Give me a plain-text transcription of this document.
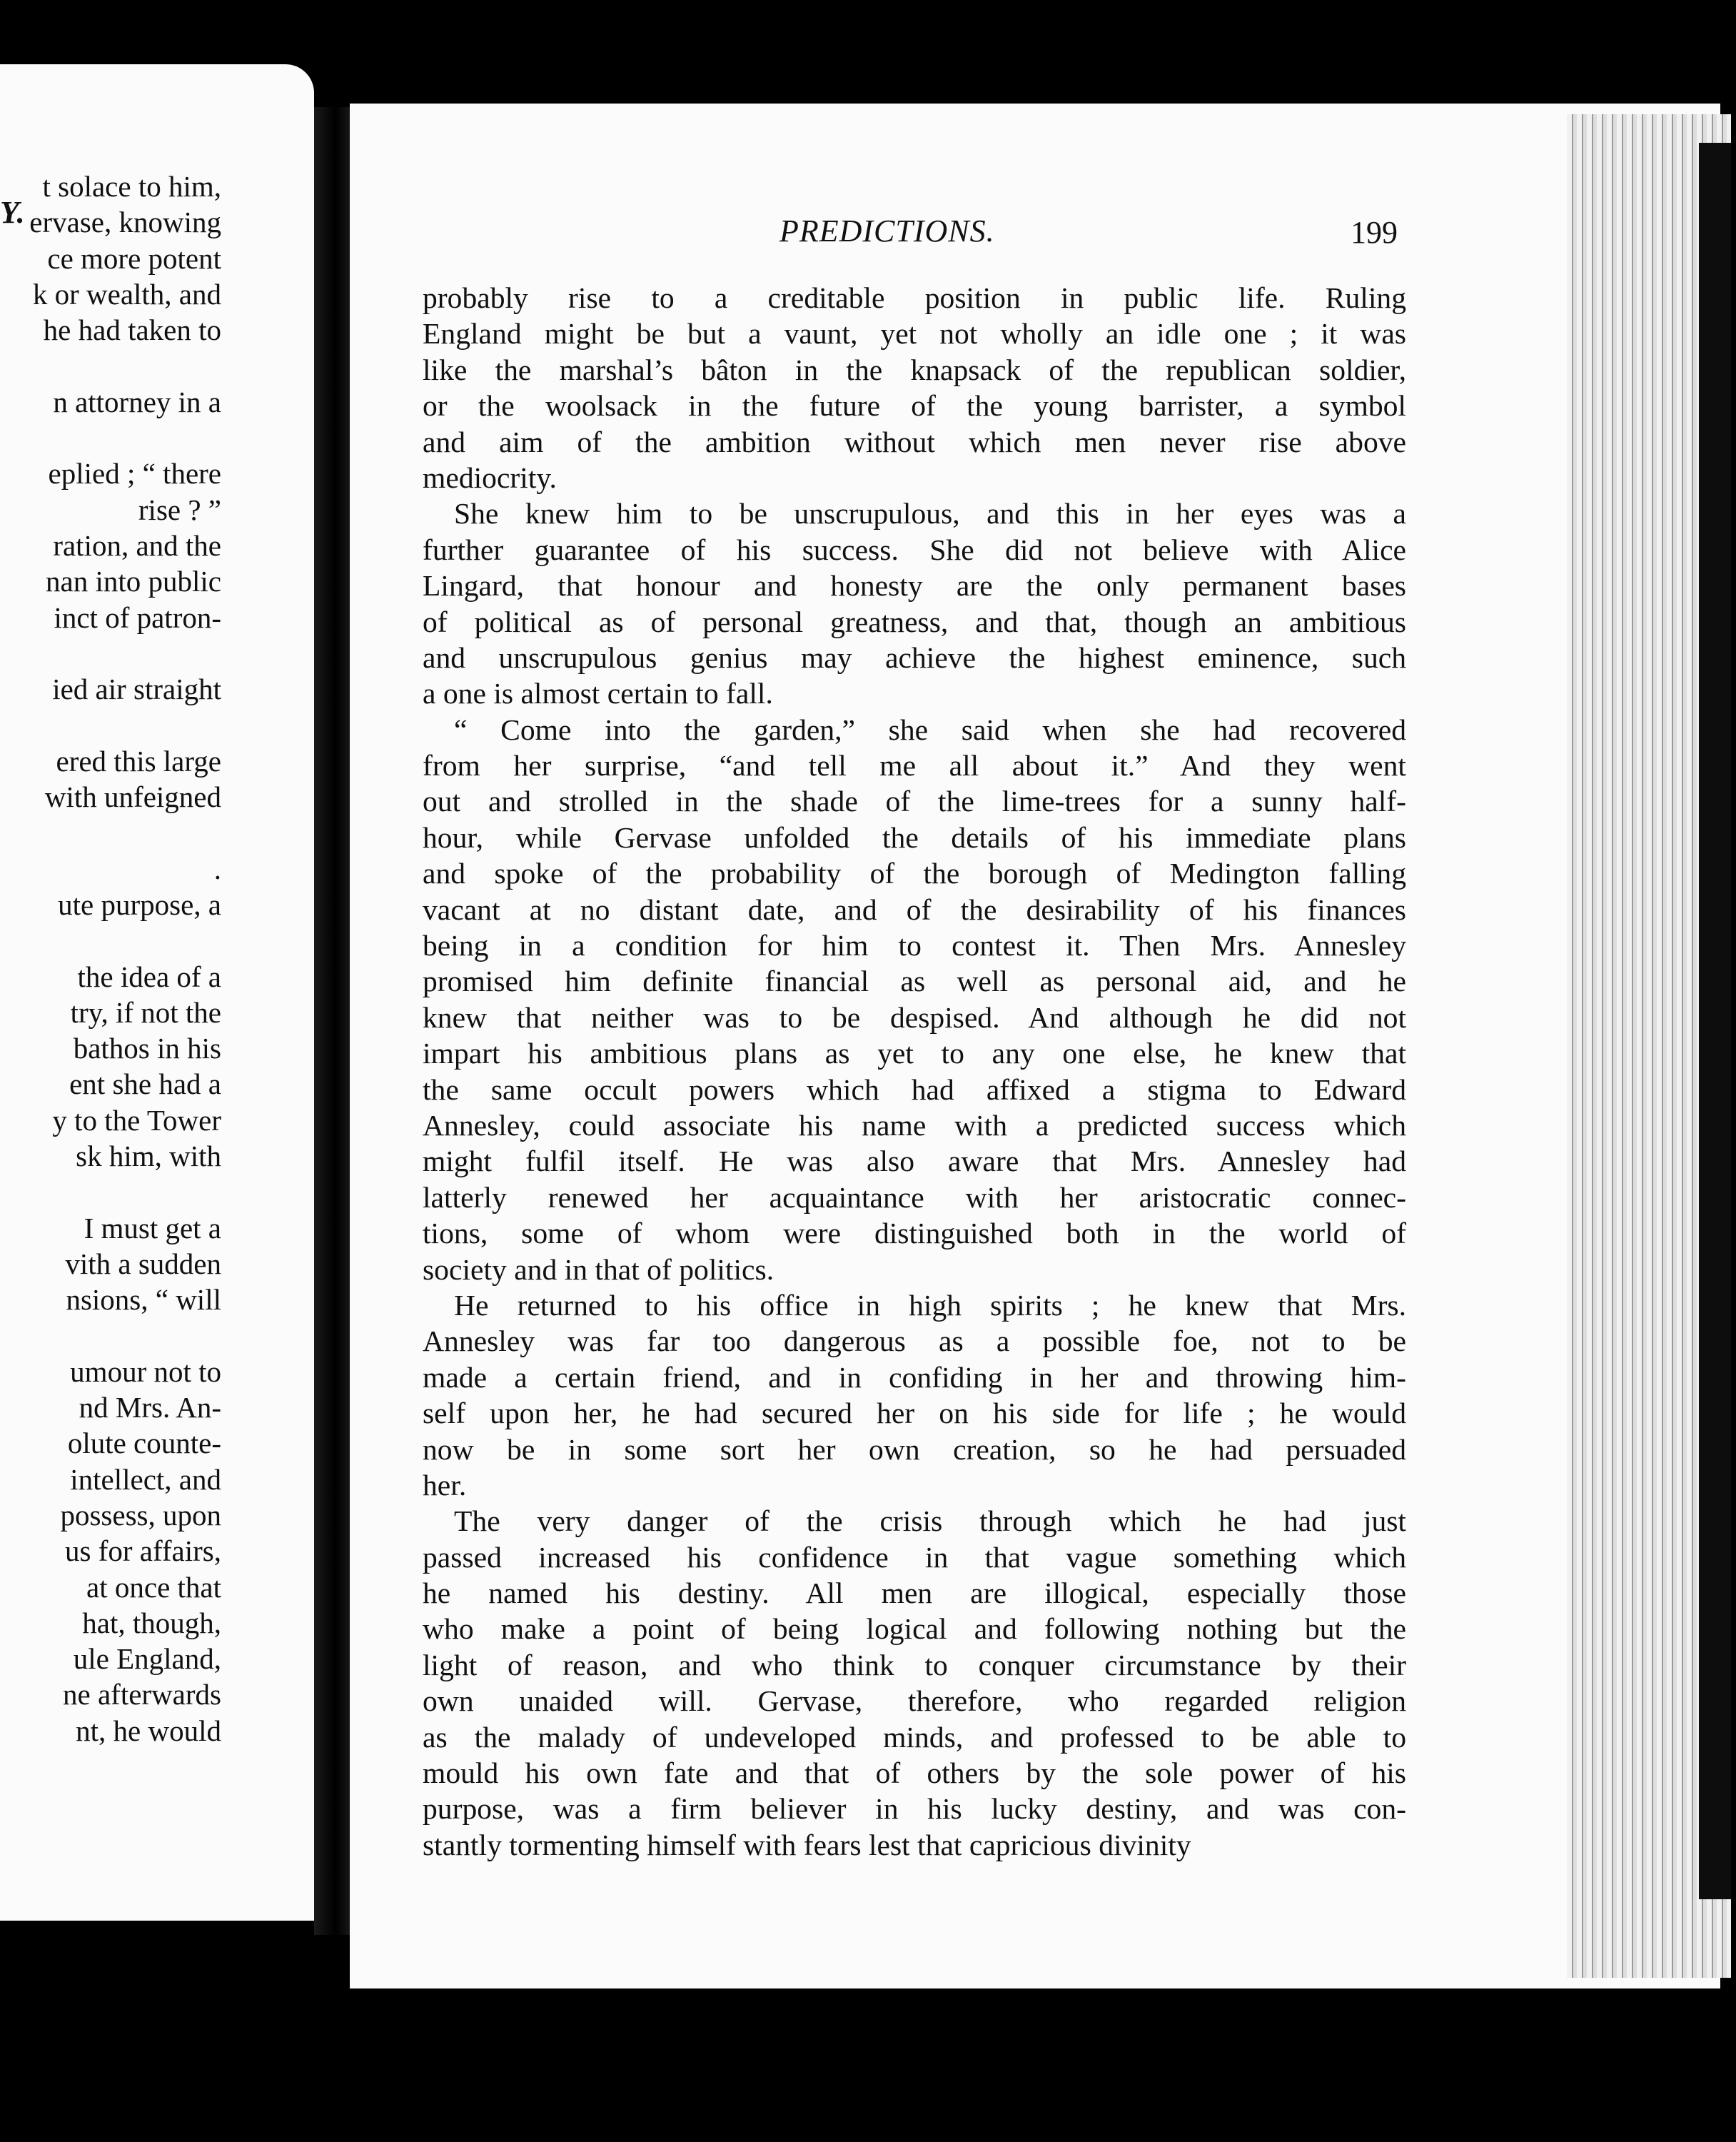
Y.
t solace to him,
ervase, knowing
ce more potent
k or wealth, and
he had taken to
n attorney in a
eplied ; “ there
rise ? ”
ration, and the
nan into public
inct of patron-
ied air straight
ered this large
with unfeigned
.
ute purpose, a
the idea of a
try, if not the
bathos in his
ent she had a
y to the Tower
sk him, with
I must get a
vith a sudden
nsions, “ will
umour not to
nd Mrs. An-
olute counte-
intellect, and
possess, upon
us for affairs,
at once that
hat, though,
ule England,
ne afterwards
nt, he would
PREDICTIONS.	199
probably rise to a creditable position in public life. Ruling
England might be but a vaunt, yet not wholly an idle one ; it was
like the marshal’s bâton in the knapsack of the republican soldier,
or the woolsack in the future of the young barrister, a symbol
and aim of the ambition without which men never rise above
mediocrity.
She knew him to be unscrupulous, and this in her eyes was a
further guarantee of his success. She did not believe with Alice
Lingard, that honour and honesty are the only permanent bases
of political as of personal greatness, and that, though an ambitious
and unscrupulous genius may achieve the highest eminence, such
a one is almost certain to fall.
“ Come into the garden,” she said when she had recovered
from her surprise, “and tell me all about it.” And they went
out and strolled in the shade of the lime-trees for a sunny half-
hour, while Gervase unfolded the details of his immediate plans
and spoke of the probability of the borough of Medington falling
vacant at no distant date, and of the desirability of his finances
being in a condition for him to contest it. Then Mrs. Annesley
promised him definite financial as well as personal aid, and he
knew that neither was to be despised. And although he did not
impart his ambitious plans as yet to any one else, he knew that
the same occult powers which had affixed a stigma to Edward
Annesley, could associate his name with a predicted success which
might fulfil itself. He was also aware that Mrs. Annesley had
latterly renewed her acquaintance with her aristocratic connec-
tions, some of whom were distinguished both in the world of
society and in that of politics.
He returned to his office in high spirits ; he knew that Mrs.
Annesley was far too dangerous as a possible foe, not to be
made a certain friend, and in confiding in her and throwing him-
self upon her, he had secured her on his side for life ; he would
now be in some sort her own creation, so he had persuaded
her.
The very danger of the crisis through which he had just
passed increased his confidence in that vague something which
he named his destiny. All men are illogical, especially those
who make a point of being logical and following nothing but the
light of reason, and who think to conquer circumstance by their
own unaided will. Gervase, therefore, who regarded religion
as the malady of undeveloped minds, and professed to be able to
mould his own fate and that of others by the sole power of his
purpose, was a firm believer in his lucky destiny, and was con-
stantly tormenting himself with fears lest that capricious divinity
